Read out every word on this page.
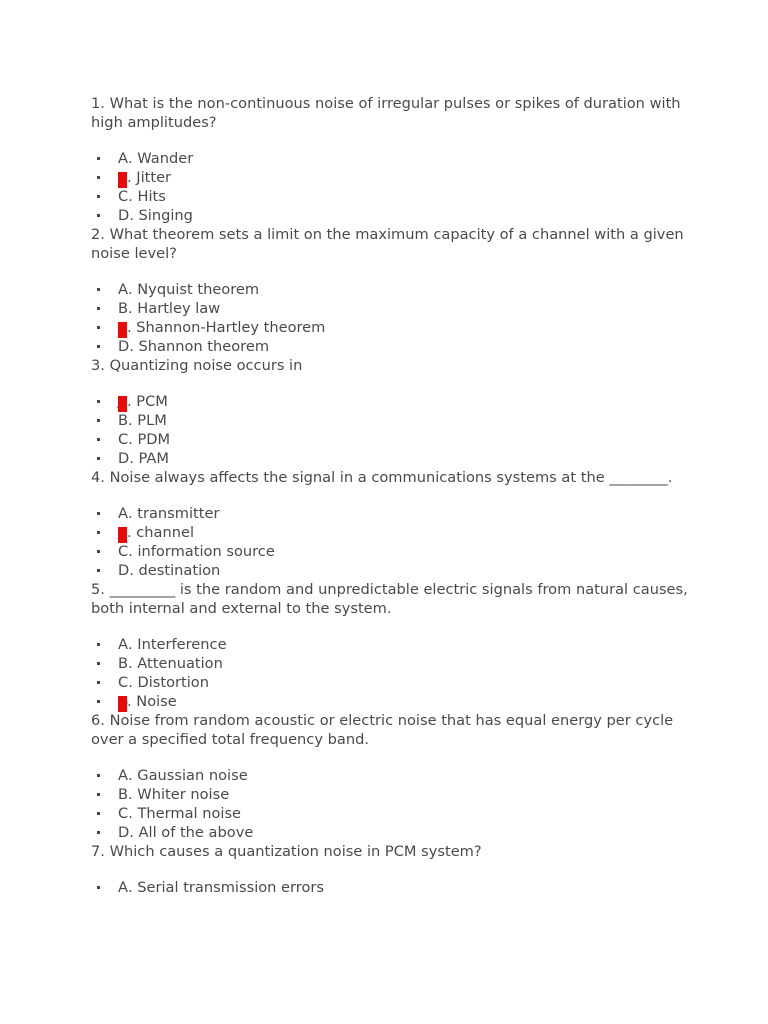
1. What is the non-continuous noise of irregular pulses or spikes of duration with high amplitudes?

A. Wander
B. Jitter
C. Hits
D. Singing

2. What theorem sets a limit on the maximum capacity of a channel with a given noise level?

A. Nyquist theorem
B. Hartley law
C. Shannon-Hartley theorem
D. Shannon theorem

3. Quantizing noise occurs in

A. PCM
B. PLM
C. PDM
D. PAM

4. Noise always affects the signal in a communications systems at the ________.

A. transmitter
B. channel
C. information source
D. destination

5. _________ is the random and unpredictable electric signals from natural causes, both internal and external to the system.

A. Interference
B. Attenuation
C. Distortion
D. Noise

6. Noise from random acoustic or electric noise that has equal energy per cycle over a specified total frequency band.

A. Gaussian noise
B. Whiter noise
C. Thermal noise
D. All of the above

7. Which causes a quantization noise in PCM system?

A. Serial transmission errors
